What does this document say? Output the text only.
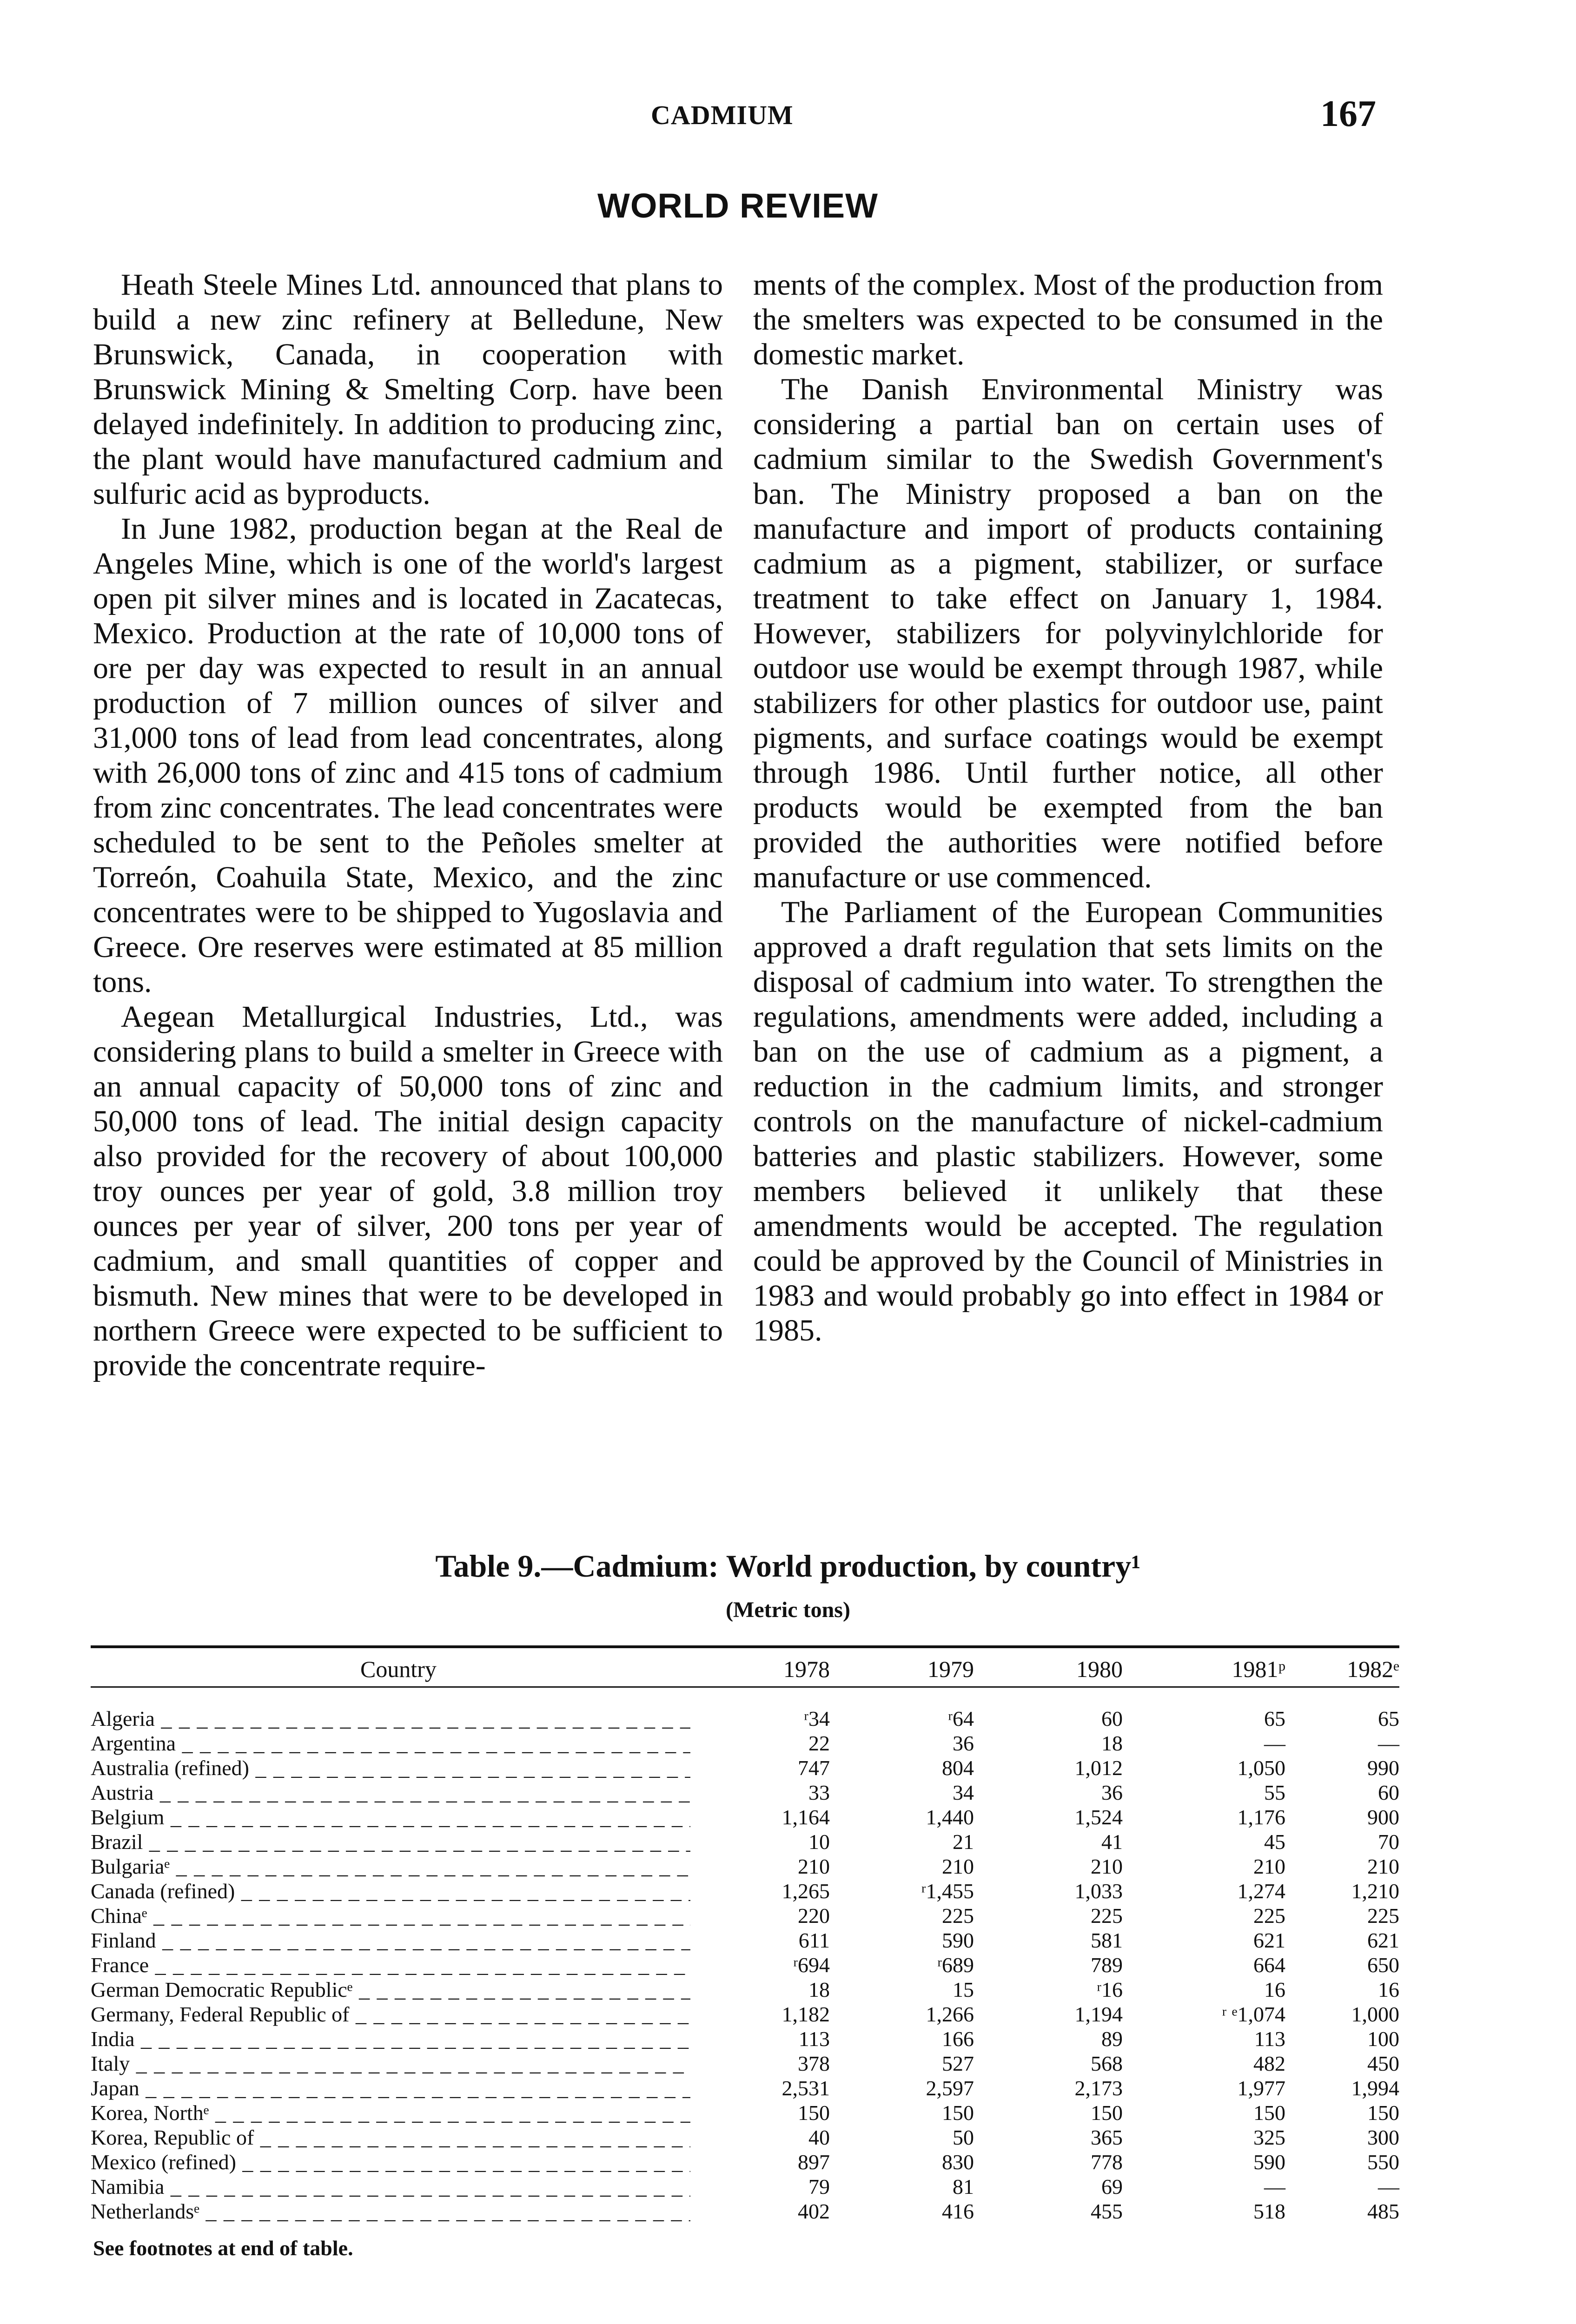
CADMIUM	167
WORLD REVIEW

Heath Steele Mines Ltd. announced that plans to build a new zinc refinery at Belledune, New Brunswick, Canada, in cooperation with Brunswick Mining & Smelting Corp. have been delayed indefinitely. In addition to producing zinc, the plant would have manufactured cadmium and sulfuric acid as byproducts.

In June 1982, production began at the Real de Angeles Mine, which is one of the world's largest open pit silver mines and is located in Zacatecas, Mexico. Production at the rate of 10,000 tons of ore per day was expected to result in an annual production of 7 million ounces of silver and 31,000 tons of lead from lead concentrates, along with 26,000 tons of zinc and 415 tons of cadmium from zinc concentrates. The lead concentrates were scheduled to be sent to the Peñoles smelter at Torreón, Coahuila State, Mexico, and the zinc concentrates were to be shipped to Yugoslavia and Greece. Ore reserves were estimated at 85 million tons.

Aegean Metallurgical Industries, Ltd., was considering plans to build a smelter in Greece with an annual capacity of 50,000 tons of zinc and 50,000 tons of lead. The initial design capacity also provided for the recovery of about 100,000 troy ounces per year of gold, 3.8 million troy ounces per year of silver, 200 tons per year of cadmium, and small quantities of copper and bismuth. New mines that were to be developed in northern Greece were expected to be sufficient to provide the concentrate require-

ments of the complex. Most of the production from the smelters was expected to be consumed in the domestic market.

The Danish Environmental Ministry was considering a partial ban on certain uses of cadmium similar to the Swedish Government's ban. The Ministry proposed a ban on the manufacture and import of products containing cadmium as a pigment, stabilizer, or surface treatment to take effect on January 1, 1984. However, stabilizers for polyvinylchloride for outdoor use would be exempt through 1987, while stabilizers for other plastics for outdoor use, paint pigments, and surface coatings would be exempt through 1986. Until further notice, all other products would be exempted from the ban provided the authorities were notified before manufacture or use commenced.

The Parliament of the European Communities approved a draft regulation that sets limits on the disposal of cadmium into water. To strengthen the regulations, amendments were added, including a ban on the use of cadmium as a pigment, a reduction in the cadmium limits, and stronger controls on the manufacture of nickel-cadmium batteries and plastic stabilizers. However, some members believed it unlikely that these amendments would be accepted. The regulation could be approved by the Council of Ministries in 1983 and would probably go into effect in 1984 or 1985.

Table 9.—Cadmium: World production, by country¹
(Metric tons)
Country	1978	1979	1980	1981ᵖ	1982ᵉ
Algeria _ _ _	ʳ34	ʳ64	60	65	65
Argentina _ _ _	22	36	18	—	—
Australia (refined) _ _ _	747	804	1,012	1,050	990
Austria _ _ _	33	34	36	55	60
Belgium _ _ _	1,164	1,440	1,524	1,176	900
Brazil _ _ _	10	21	41	45	70
Bulgariaᵉ _ _ _	210	210	210	210	210
Canada (refined) _ _ _	1,265	ʳ1,455	1,033	1,274	1,210
Chinaᵉ _ _ _	220	225	225	225	225
Finland _ _ _	611	590	581	621	621
France _ _ _	ʳ694	ʳ689	789	664	650
German Democratic Republicᵉ _ _ _	18	15	ʳ16	16	16
Germany, Federal Republic of _ _ _	1,182	1,266	1,194	ʳ ᵉ1,074	1,000
India _ _ _	113	166	89	113	100
Italy _ _ _	378	527	568	482	450
Japan _ _ _	2,531	2,597	2,173	1,977	1,994
Korea, Northᵉ _ _ _	150	150	150	150	150
Korea, Republic of _ _ _	40	50	365	325	300
Mexico (refined) _ _ _	897	830	778	590	550
Namibia _ _ _	79	81	69	—	—
Netherlandsᵉ _ _ _	402	416	455	518	485
See footnotes at end of table.
